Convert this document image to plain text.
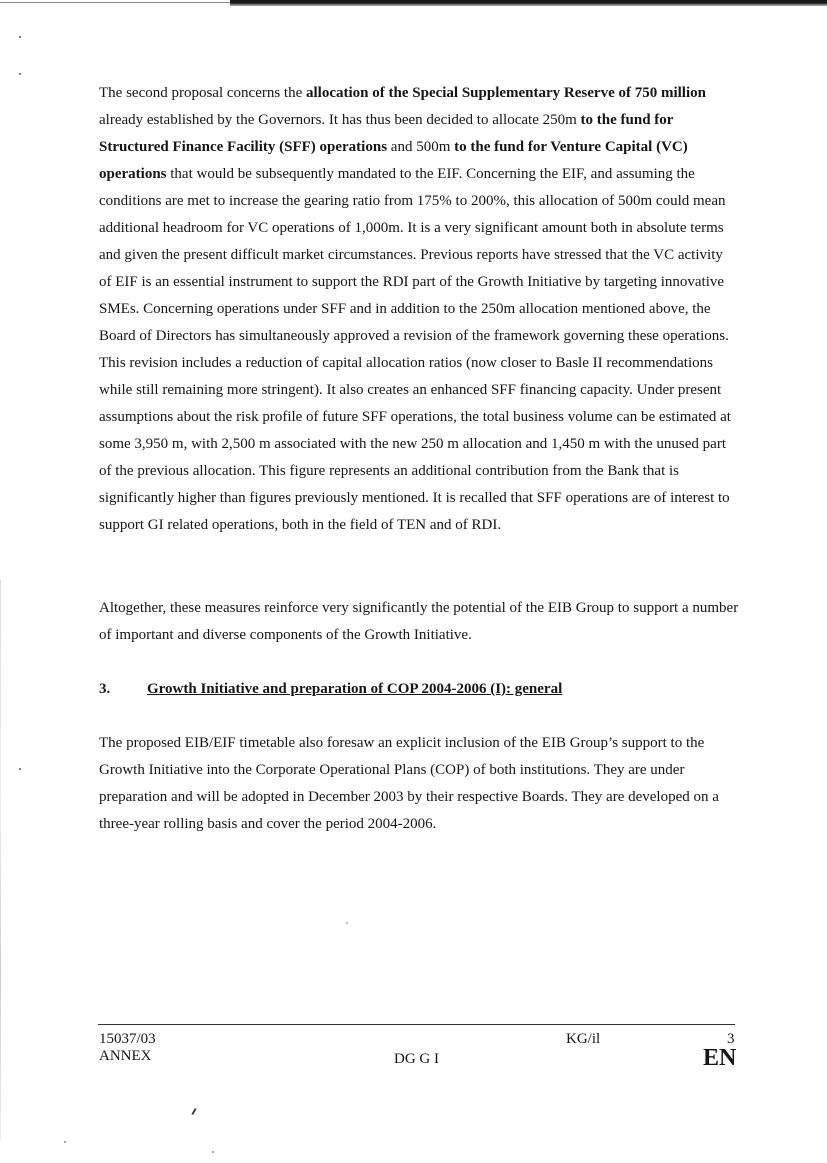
The second proposal concerns the allocation of the Special Supplementary Reserve of 750 million already established by the Governors. It has thus been decided to allocate 250m to the fund for Structured Finance Facility (SFF) operations and 500m to the fund for Venture Capital (VC) operations that would be subsequently mandated to the EIF. Concerning the EIF, and assuming the conditions are met to increase the gearing ratio from 175% to 200%, this allocation of 500m could mean additional headroom for VC operations of 1,000m. It is a very significant amount both in absolute terms and given the present difficult market circumstances. Previous reports have stressed that the VC activity of EIF is an essential instrument to support the RDI part of the Growth Initiative by targeting innovative SMEs. Concerning operations under SFF and in addition to the 250m allocation mentioned above, the Board of Directors has simultaneously approved a revision of the framework governing these operations. This revision includes a reduction of capital allocation ratios (now closer to Basle II recommendations while still remaining more stringent). It also creates an enhanced SFF financing capacity. Under present assumptions about the risk profile of future SFF operations, the total business volume can be estimated at some 3,950 m, with 2,500 m associated with the new 250 m allocation and 1,450 m with the unused part of the previous allocation. This figure represents an additional contribution from the Bank that is significantly higher than figures previously mentioned. It is recalled that SFF operations are of interest to support GI related operations, both in the field of TEN and of RDI.

Altogether, these measures reinforce very significantly the potential of the EIB Group to support a number of important and diverse components of the Growth Initiative.

3. Growth Initiative and preparation of COP 2004-2006 (I): general

The proposed EIB/EIF timetable also foresaw an explicit inclusion of the EIB Group’s support to the Growth Initiative into the Corporate Operational Plans (COP) of both institutions. They are under preparation and will be adopted in December 2003 by their respective Boards. They are developed on a three-year rolling basis and cover the period 2004-2006.

15037/03
ANNEX	DG G I
KG/il	3
EN
